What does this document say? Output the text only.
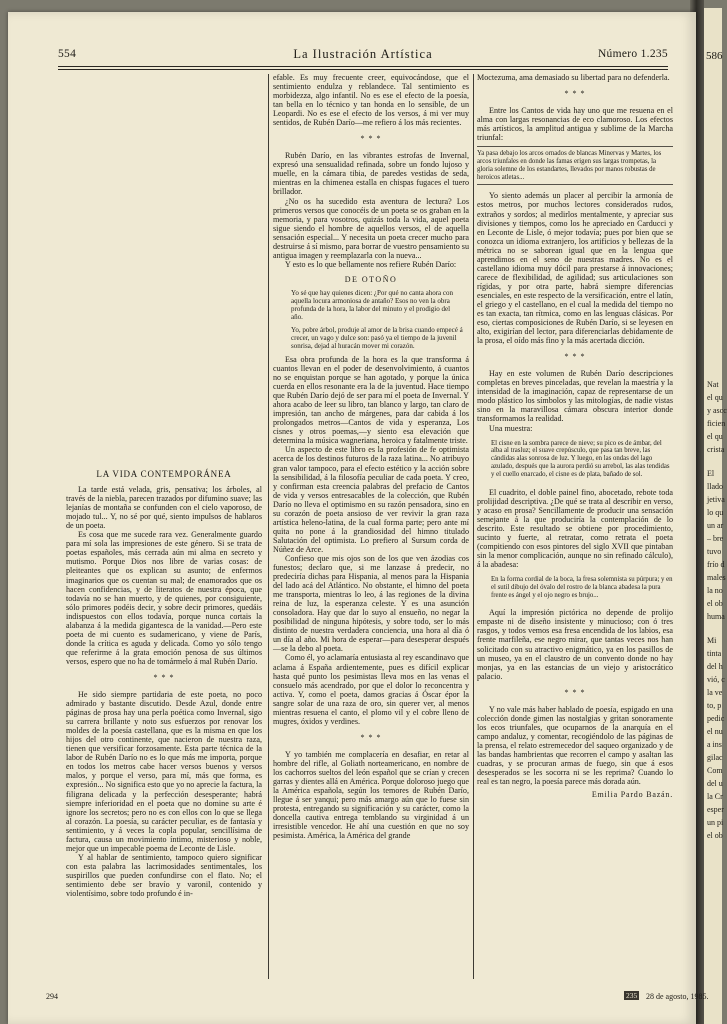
586
Nat
el qu
y ascc
ficien
el qu
crista
El
llado
jetiva
lo qu
un ar
– bre
tuvo
frío d
males
la no
el ob
huma
Mi
tinta
del h
vió, c
la ve
to, p
pedic
el nu
a ins
gilac
Com
del u
la Cr
esper
un pi
el ob
554	La Ilustración Artística	Número 1.235
LA VIDA CONTEMPORÁNEA

La tarde está velada, gris, pensativa; los árboles, al través de la niebla, parecen trazados por difumino suave; las lejanías de montaña se confunden con el cielo vaporoso, de mojado tul... Y, no sé por qué, siento impulsos de hablaros de un poeta.

Es cosa que me sucede rara vez. Generalmente guardo para mí sola las impresiones de este género. Si se trata de poetas españoles, más cerrada aún mi alma en secreto y mutismo. Porque Dios nos libre de varias cosas: de pleiteantes que os explican su asunto; de enfermos imaginarios que os cuentan su mal; de enamorados que os hacen confidencias, y de literatos de nuestra época, que todavía no se han muerto, y de quienes, por consiguiente, sólo primores podéis decir, y sobre decir primores, quedáis indispuestos con ellos todavía, porque nunca cortais la alabanza á la medida gigantesca de la vanidad.—Pero este poeta de mi cuento es sudamericano, y viene de París, donde la crítica es aguda y delicada. Como yo sólo tengo que referirme á la grata emoción penosa de sus últimos versos, espero que no ha de tomármelo á mal Rubén Darío.

* * *

He sido siempre partidaria de este poeta, no poco admirado y bastante discutido. Desde Azul, donde entre páginas de prosa hay una perla poética como Invernal, sigo su carrera brillante y noto sus esfuerzos por renovar los moldes de la poesía castellana, que es la misma en que los hijos del otro continente, que nacieron de nuestra raza, tienen que versificar forzosamente. Esta parte técnica de la labor de Rubén Darío no es lo que más me importa, porque en todos los metros cabe hacer versos buenos y versos malos, y porque el verso, para mí, más que forma, es expresión... No significa esto que yo no aprecie la factura, la filigrana delicada y la perfección desesperante; habrá siempre inferioridad en el poeta que no domine su arte é ignore los secretos; pero no es con ellos con lo que se llega al corazón. La poesía, su carácter peculiar, es de fantasía y sentimiento, y á veces la copla popular, sencillísima de factura, causa un movimiento íntimo, misterioso y noble, mejor que un impecable poema de Leconte de Lisle.

Y al hablar de sentimiento, tampoco quiero significar con esta palabra las lacrimosidades sentimentales, los suspirillos que pueden confundirse con el flato. No; el sentimiento debe ser bravío y varonil, contenido y violentísimo, sobre todo profundo é in-

efable. Es muy frecuente creer, equivocándose, que el sentimiento endulza y reblandece. Tal sentimiento es morbidezza, algo infantil. No es ese el efecto de la poesía, tan bella en lo técnico y tan honda en lo sensible, de un Leopardi. No es ese el efecto de los versos, á mi ver muy sentidos, de Rubén Darío—me refiero á los más recientes.

* * *

Rubén Darío, en las vibrantes estrofas de Invernal, expresó una sensualidad refinada, sobre un fondo lujoso y muelle, en la cámara tibia, de paredes vestidas de seda, mientras en la chimenea estalla en chispas fugaces el tuero brillador.

¿No os ha sucedido esta aventura de lectura? Los primeros versos que conocéis de un poeta se os graban en la memoria, y para vosotros, quizás toda la vida, aquel poeta sigue siendo el hombre de aquellos versos, el de aquella sensación especial... Y necesita un poeta crecer mucho para destruirse á sí mismo, para borrar de vuestro pensamiento su antigua imagen y reemplazarla con la nueva...

Y esto es lo que bellamente nos refiere Rubén Darío:

DE OTOÑO
Yo sé que hay quienes dicen: ¿Por qué no canta ahora con aquella locura armoniosa de antaño? Esos no ven la obra profunda de la hora, la labor del minuto y el prodigio del año.
Yo, pobre árbol, produje al amor de la brisa cuando empecé á crecer, un vago y dulce son: pasó ya el tiempo de la juvenil sonrisa, dejad al huracán mover mi corazón.

Esa obra profunda de la hora es la que transforma á cuantos llevan en el poder de desenvolvimiento, á cuantos no se enquistan porque se han agotado, y porque la única cuerda en ellos resonante era la de la juventud. Hace tiempo que Rubén Darío dejó de ser para mí el poeta de Invernal. Y ahora acabo de leer su libro, tan blanco y largo, tan claro de impresión, tan ancho de márgenes, para dar cabida á los prolongados metros—Cantos de vida y esperanza, Los cisnes y otros poemas,—y siento esa elevación que determina la música wagneriana, heroica y fatalmente triste.

Un aspecto de este libro es la profesión de fe optimista acerca de los destinos futuros de la raza latina... No atribuyo gran valor tampoco, para el efecto estético y la acción sobre la sensibilidad, á la filosofía peculiar de cada poeta. Y creo, y confirman esta creencia palabras del prefacio de Cantos de vida y versos entresacables de la colección, que Rubén Darío no lleva el optimismo en su razón pensadora, sino en su corazón de poeta ansioso de ver revivir la gran raza artística heleno-latina, de la cual forma parte; pero ante mí quita no pone á la grandiosidad del himno titulado Salutación del optimista. Lo prefiero al Sursum corda de Núñez de Arce.

Confieso que mis ojos son de los que ven ázodias cos funestos; declaro que, si me lanzase á predecir, no predeciría dichas para Hispania, al menos para la Hispania del lado acá del Atlántico. No obstante, el himno del poeta me transporta, mientras lo leo, á las regiones de la divina reina de luz, la esperanza celeste. Y es una asunción consoladora. Hay que dar lo suyo al ensueño, no negar la posibilidad de ninguna hipótesis, y sobre todo, ser lo más distinto de nuestra verdadera conciencia, una hora al día ó un día al año. Mi hora de esperar—para desesperar después—se la debo al poeta.

Como él, yo aclamaría entusiasta al rey escandinavo que aclama á España ardientemente, pues es difícil explicar hasta qué punto los pesimistas lleva mos en las venas el consuelo más acendrado, por que el dolor lo reconcentra y activa. Y, como el poeta, damos gracias á Óscar épor la sangre solar de una raza de oro, sin querer ver, al menos mientras resuena el canto, el plomo vil y el cobre lleno de mugres, óxidos y verdines.

* * *

Y yo también me complacería en desafiar, en retar al hombre del rifle, al Goliath norteamericano, en nombre de los cachorros sueltos del león español que se crían y crecen garras y dientes allá en América. Porque doloroso juego que la América española, según los temores de Rubén Darío, llegue á ser yanqui; pero más amargo aún que lo fuese sin protesta, entregando su significación y su carácter, como la doncella cautiva entrega temblando su virginidad á un irresistible vencedor. He ahí una cuestión en que no soy pesimista. América, la América del grande

Moctezuma, ama demasiado su libertad para no defenderla.

* * *

Entre los Cantos de vida hay uno que me resuena en el alma con largas resonancias de eco clamoroso. Los efectos más artísticos, la amplitud antigua y sublime de la Marcha triunfal:

Ya pasa debajo los arcos ornados de blancas Minervas y Martes, los arcos triunfales en donde las famas erigen sus largas trompetas, la gloria solemne de los estandartes, llevados por manos robustas de heroicos atletas...

Yo siento además un placer al percibir la armonía de estos metros, por muchos lectores considerados rudos, extraños y sordos; al medirlos mentalmente, y apreciar sus divisiones y tiempos, como los he apreciado en Carducci y en Leconte de Lisle, ó mejor todavía; pues por bien que se conozca un idioma extranjero, los artificios y bellezas de la métrica no se saborean igual que en la lengua que aprendimos en el seno de nuestras madres. No es el castellano idioma muy dócil para prestarse á innovaciones; carece de flexibilidad, de agilidad; sus articulaciones son rígidas, y por otra parte, habrá siempre diferencias esenciales, en este respecto de la versificación, entre el latín, el griego y el castellano, en el cual la medida del tiempo no es tan exacta, tan rítmica, como en las lenguas clásicas. Por eso, ciertas composiciones de Rubén Darío, si se leyesen en alto, exigirían del lector, para diferenciarlas debidamente de la prosa, el oído más fino y la más acertada dicción.

* * *

Hay en este volumen de Rubén Darío descripciones completas en breves pinceladas, que revelan la maestría y la intensidad de la imaginación, capaz de representarse de un modo plástico los símbolos y las mitologías, de nadie vistas sino en la maravillosa cámara obscura interior donde transformamos la realidad.

Una muestra:

El cisne en la sombra parece de nieve; su pico es de ámbar, del alba al trasluz; el suave crepúsculo, que pasa tan breve, las cándidas alas sonrosa de luz. Y luego, en las ondas del lago azulado, después que la aurora perdió su arrebol, las alas tendidas y el cuello enarcado, el cisne es de plata, bañado de sol.

El cuadrito, el doble painel fino, abocetado, rebote toda prolijidad descriptiva. ¿De qué se trata al describir en verso, y acaso en prosa? Sencillamente de producir una sensación semejante á la que produciría la contemplación de lo descrito. Este resultado se obtiene por procedimiento, sucinto y fuerte, al retratar, como retrata el poeta (compitiendo con esos pintores del siglo XVII que pintaban sin la menor complicación, aunque no sin refinado cálculo), á la abadesa:

En la forma cordial de la boca, la fresa solemnista su púrpura; y en el sutil dibujo del óvalo del rostro de la blanca abadesa la pura frente es ángel y el ojo negro es brujo...

Aquí la impresión pictórica no depende de prolijo empaste ni de diseño insistente y minucioso; con ó tres rasgos, y todos vemos esa fresa encendida de los labios, esa frente marfileña, ese negro mirar, que tantas veces nos han solicitado con su atractivo enigmático, ya en los pasillos de un museo, ya en el claustro de un convento donde no hay monjas, ya en las estancias de un viejo y aristocrático palacio.

* * *

Y no vale más haber hablado de poesía, espigado en una colección donde gimen las nostalgias y gritan sonoramente los ecos triunfales, que ocuparnos de la anarquía en el campo andaluz, y comentar, recogiéndolo de las páginas de la prensa, el relato estremecedor del saqueo organizado y de las bandas hambrientas que recorren el campo y asaltan las cuadras, y se procuran armas de fuego, sin que á esos desesperados se les socorra ni se les reprima? Cuando lo real es tan negro, la poesía parece más dorada aún.

Emilia Pardo Bazán.
294	235 28 de agosto, 1985.
